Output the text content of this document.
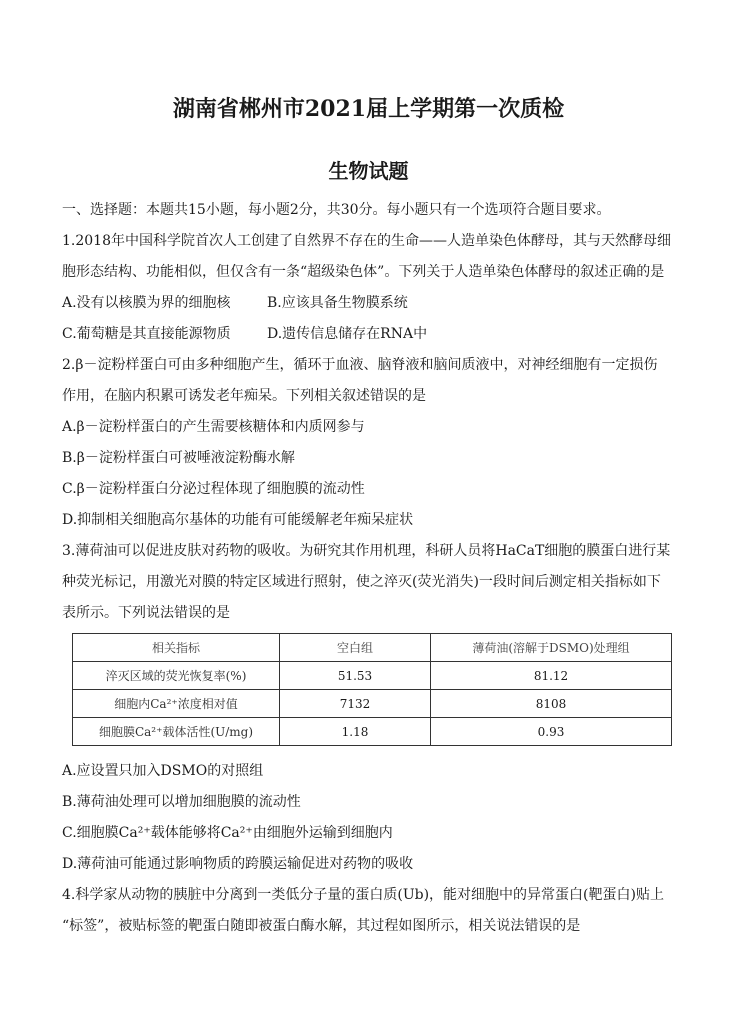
湖南省郴州市2021届上学期第一次质检
生物试题
一、选择题：本题共15小题，每小题2分，共30分。每小题只有一个选项符合题目要求。
1.2018年中国科学院首次人工创建了自然界不存在的生命——人造单染色体酵母，其与天然酵母细
胞形态结构、功能相似，但仅含有一条“超级染色体”。下列关于人造单染色体酵母的叙述正确的是
A.没有以核膜为界的细胞核	B.应该具备生物膜系统
C.葡萄糖是其直接能源物质	D.遗传信息储存在RNA中
2.β－淀粉样蛋白可由多种细胞产生，循环于血液、脑脊液和脑间质液中，对神经细胞有一定损伤
作用，在脑内积累可诱发老年痴呆。下列相关叙述错误的是
A.β－淀粉样蛋白的产生需要核糖体和内质网参与
B.β－淀粉样蛋白可被唾液淀粉酶水解
C.β－淀粉样蛋白分泌过程体现了细胞膜的流动性
D.抑制相关细胞高尔基体的功能有可能缓解老年痴呆症状
3.薄荷油可以促进皮肤对药物的吸收。为研究其作用机理，科研人员将HaCaT细胞的膜蛋白进行某
种荧光标记，用激光对膜的特定区域进行照射，使之淬灭(荧光消失)一段时间后测定相关指标如下
表所示。下列说法错误的是
相关指标	空白组	薄荷油(溶解于DSMO)处理组
淬灭区域的荧光恢复率(%)	51.53	81.12
细胞内Ca²⁺浓度相对值	7132	8108
细胞膜Ca²⁺载体活性(U/mg)	1.18	0.93
A.应设置只加入DSMO的对照组
B.薄荷油处理可以增加细胞膜的流动性
C.细胞膜Ca²⁺载体能够将Ca²⁺由细胞外运输到细胞内
D.薄荷油可能通过影响物质的跨膜运输促进对药物的吸收
4.科学家从动物的胰脏中分离到一类低分子量的蛋白质(Ub)，能对细胞中的异常蛋白(靶蛋白)贴上
“标签”，被贴标签的靶蛋白随即被蛋白酶水解，其过程如图所示，相关说法错误的是
